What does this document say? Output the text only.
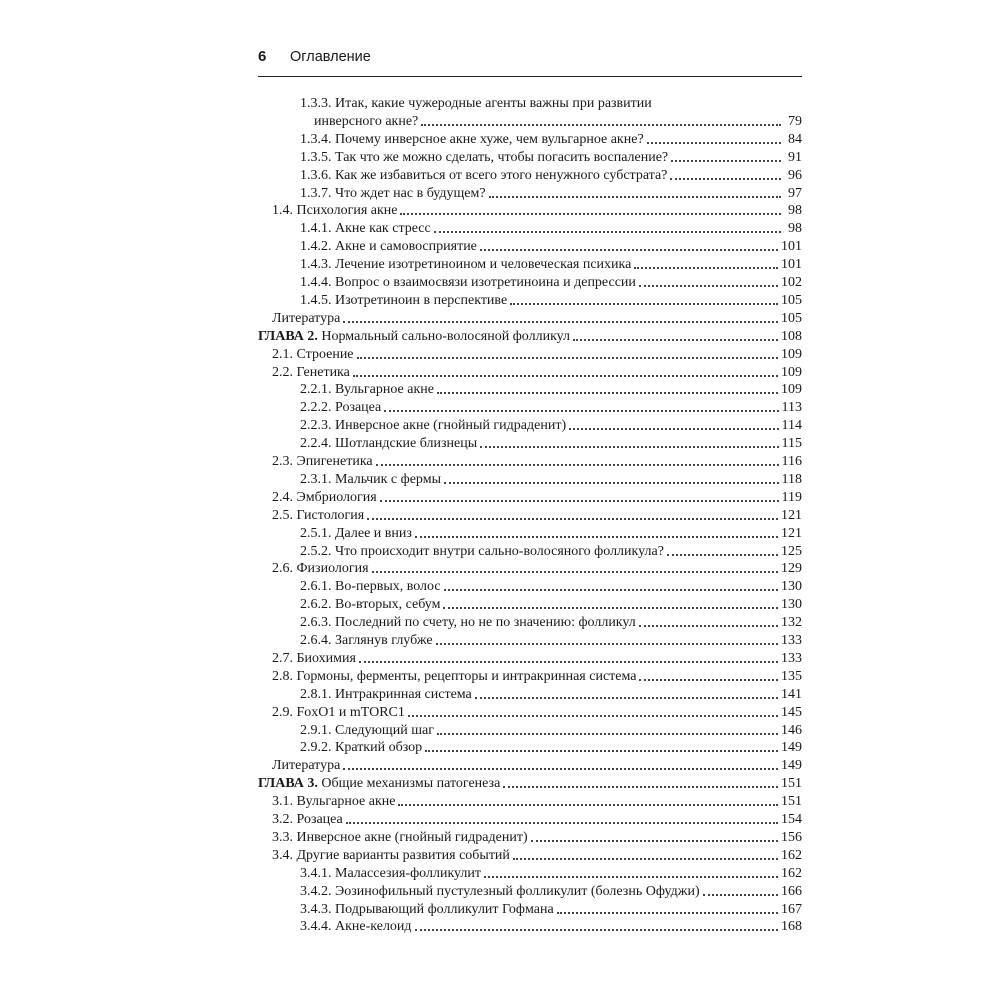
6 Оглавление
1.3.3. Итак, какие чужеродные агенты важны при развитии
инверсного акне?	79
1.3.4. Почему инверсное акне хуже, чем вульгарное акне?	84
1.3.5. Так что же можно сделать, чтобы погасить воспаление?	91
1.3.6. Как же избавиться от всего этого ненужного субстрата?	96
1.3.7. Что ждет нас в будущем?	97
1.4. Психология акне	98
1.4.1. Акне как стресс	98
1.4.2. Акне и самовосприятие	101
1.4.3. Лечение изотретиноином и человеческая психика	101
1.4.4. Вопрос о взаимосвязи изотретиноина и депрессии	102
1.4.5. Изотретиноин в перспективе	105
Литература	105
ГЛАВА 2. Нормальный сально-волосяной фолликул	108
2.1. Строение	109
2.2. Генетика	109
2.2.1. Вульгарное акне	109
2.2.2. Розацеа	113
2.2.3. Инверсное акне (гнойный гидраденит)	114
2.2.4. Шотландские близнецы	115
2.3. Эпигенетика	116
2.3.1. Мальчик с фермы	118
2.4. Эмбриология	119
2.5. Гистология	121
2.5.1. Далее и вниз	121
2.5.2. Что происходит внутри сально-волосяного фолликула?	125
2.6. Физиология	129
2.6.1. Во-первых, волос	130
2.6.2. Во-вторых, себум	130
2.6.3. Последний по счету, но не по значению: фолликул	132
2.6.4. Заглянув глубже	133
2.7. Биохимия	133
2.8. Гормоны, ферменты, рецепторы и интракринная система	135
2.8.1. Интракринная система	141
2.9. FoxO1 и mTORC1	145
2.9.1. Следующий шаг	146
2.9.2. Краткий обзор	149
Литература	149
ГЛАВА 3. Общие механизмы патогенеза	151
3.1. Вульгарное акне	151
3.2. Розацеа	154
3.3. Инверсное акне (гнойный гидраденит)	156
3.4. Другие варианты развития событий	162
3.4.1. Малассезия-фолликулит	162
3.4.2. Эозинофильный пустулезный фолликулит (болезнь Офуджи)	166
3.4.3. Подрывающий фолликулит Гофмана	167
3.4.4. Акне-келоид	168
